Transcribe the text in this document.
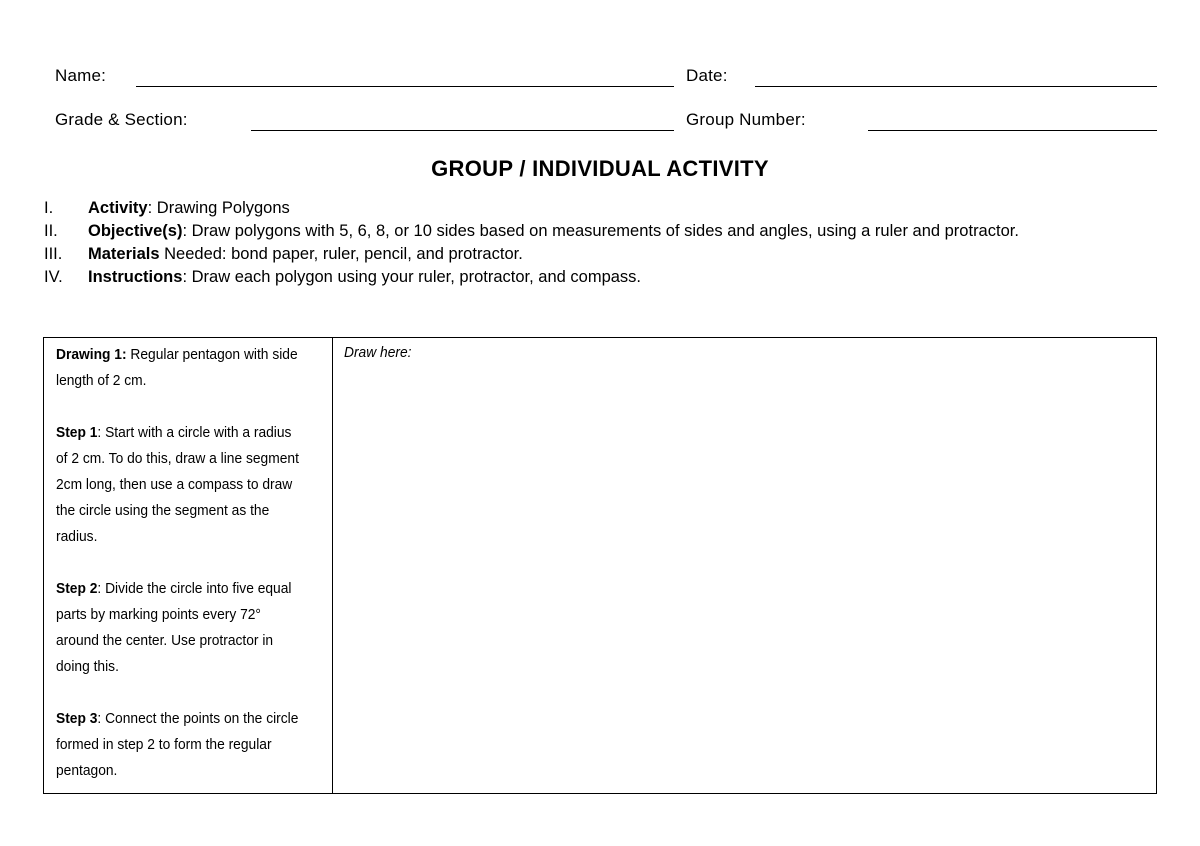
Name:	Date:
Grade & Section:	Group Number:
GROUP / INDIVIDUAL ACTIVITY
I. Activity: Drawing Polygons
II. Objective(s): Draw polygons with 5, 6, 8, or 10 sides based on measurements of sides and angles, using a ruler and protractor.
III. Materials Needed: bond paper, ruler, pencil, and protractor.
IV. Instructions: Draw each polygon using your ruler, protractor, and compass.

Drawing 1: Regular pentagon with side length of 2 cm.

Step 1: Start with a circle with a radius of 2 cm. To do this, draw a line segment 2cm long, then use a compass to draw the circle using the segment as the radius.

Step 2: Divide the circle into five equal parts by marking points every 72° around the center. Use protractor in doing this.

Step 3: Connect the points on the circle formed in step 2 to form the regular pentagon.

Draw here:
